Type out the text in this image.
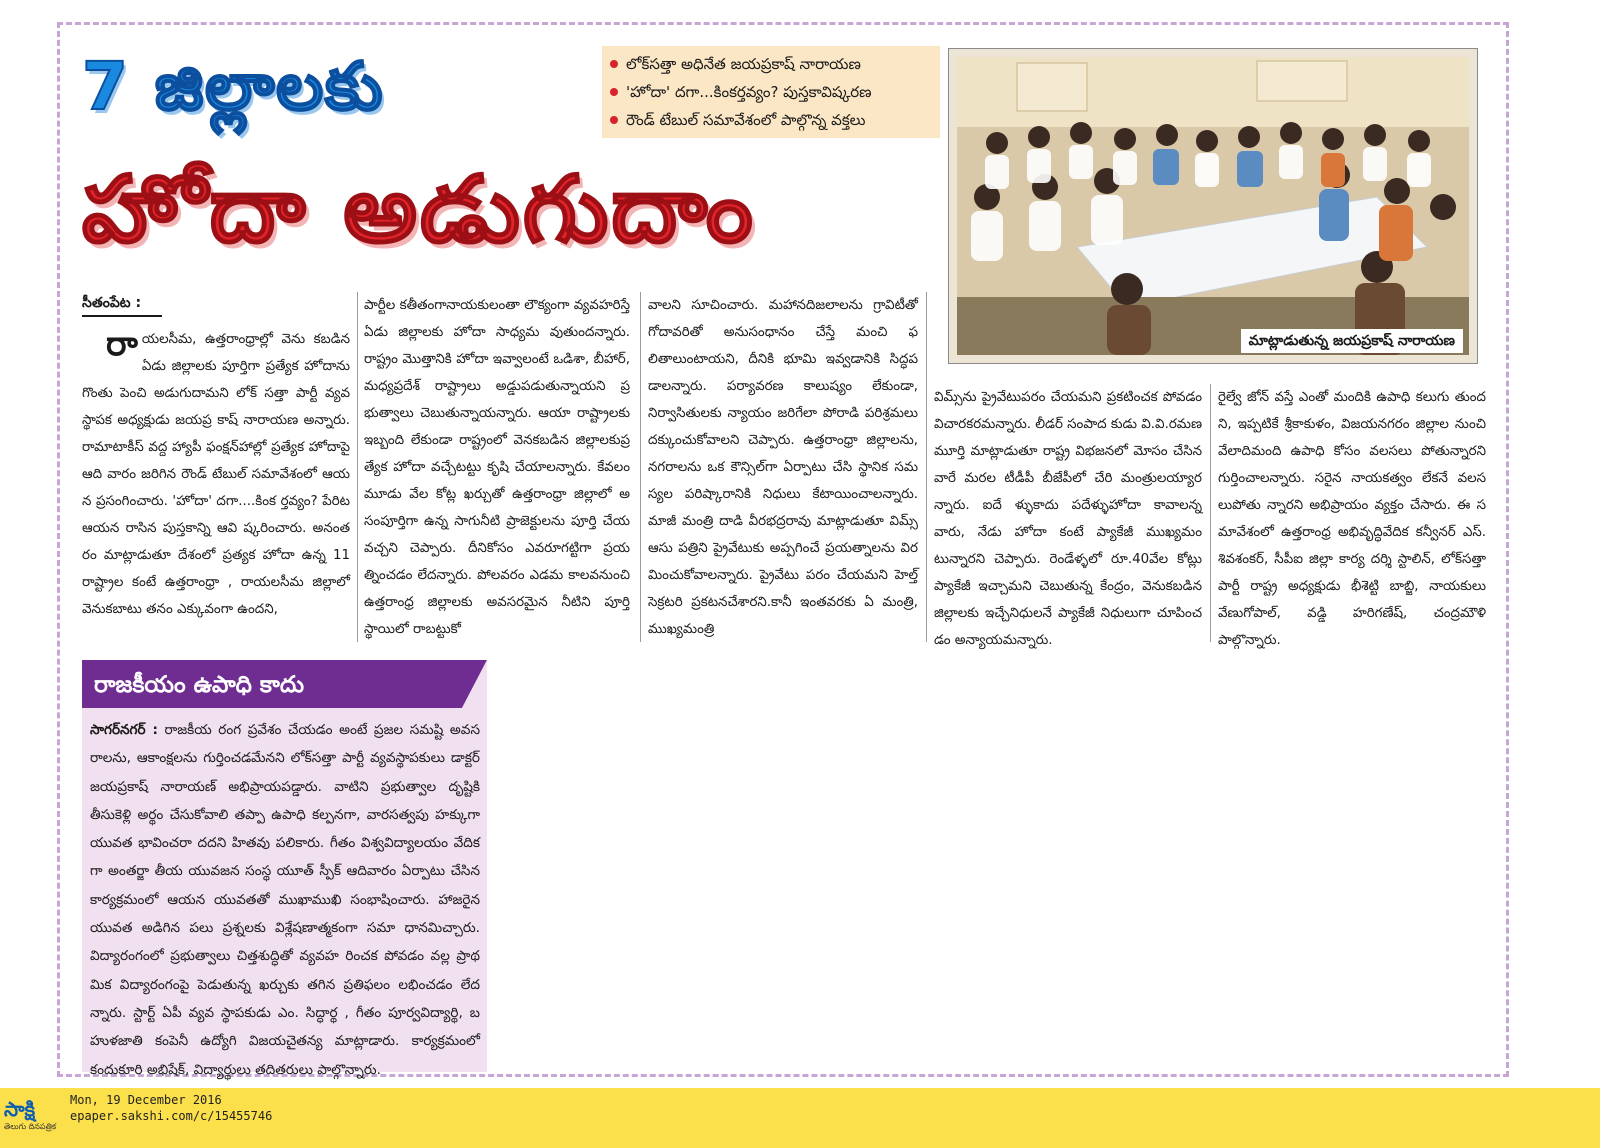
7 జిల్లాలకు
హోదా అడుగుదాం
లోక్‌సత్తా అధినేత జయప్రకాష్ నారాయణ
'హోదా' దగా...కింకర్తవ్యం? పుస్తకావిష్కరణ
రౌండ్ టేబుల్ సమావేశంలో పాల్గొన్న వక్తలు
మాట్లాడుతున్న జయప్రకాష్ నారాయణ
సీతంపేట :
రాయలసీమ, ఉత్తరాంధ్రాల్లో వెను కబడిన ఏడు జిల్లాలకు పూర్తిగా ప్రత్యేక హోదాను గొంతు పెంచి అడుగుదామని లోక్ సత్తా పార్టీ వ్యవస్థాపక అధ్యక్షుడు జయప్ర కాష్ నారాయణ అన్నారు. రామాటాకీస్ వద్ద హ్యాపీ ఫంక్షన్‌హాల్లో ప్రత్యేక హోదాపై ఆది వారం జరిగిన రౌండ్ టేబుల్ సమావేశంలో ఆయన ప్రసంగించారు. 'హోదా' దగా....కింక ర్తవ్యం? పేరిట ఆయన రాసిన పుస్తకాన్ని ఆవి ష్కరించారు. అనంతరం మాట్లాడుతూ దేశంలో ప్రత్యక హోదా ఉన్న 11 రాష్ట్రాల కంటే ఉత్తరాంధ్రా , రాయలసీమ జిల్లాలో వెనుకబాటు తనం ఎక్కువంగా ఉందని,
పార్టీల కతీతంగానాయకులంతా లౌక్యంగా వ్యవహరిస్తే ఏడు జిల్లాలకు హోదా సాధ్యమ వుతుందన్నారు. రాష్ట్రం మొత్తానికి హోదా ఇవ్వాలంటే ఒడిశా, బీహార్, మధ్యప్రదేశ్ రాష్ట్రాలు అడ్డుపడుతున్నాయని ప్రభుత్వాలు చెబుతున్నాయన్నారు. ఆయా రాష్ట్రాలకు ఇబ్బంది లేకుండా రాష్ట్రంలో వెనకబడిన జిల్లాలకుప్రత్యేక హోదా వచ్చేటట్టు కృషి చేయాలన్నారు. కేవలం మూడు వేల కోట్ల ఖర్చుతో ఉత్తరాంధ్రా జిల్లాలో అసంపూర్తిగా ఉన్న సాగునీటి ప్రాజెక్టులను పూర్తి చేయ వచ్చని చెప్పారు. దీనికోసం ఎవరూగట్టిగా ప్రయత్నించడం లేదన్నారు. పోలవరం ఎడమ కాలవనుంచి ఉత్తరాంధ్ర జిల్లాలకు అవసరమైన నీటిని పూర్తి స్థాయిలో రాబట్టుకో
వాలని సూచించారు. మహానదిజలాలను గ్రావిటీతో గోదావరితో అనుసంధానం చేస్తే మంచి ఫలితాలుంటాయని, దీనికి భూమి ఇవ్వడానికి సిద్ధపడాలన్నారు. పర్యావరణ కాలుష్యం లేకుండా, నిర్వాసితులకు న్యాయం జరిగేలా పోరాడి పరిశ్రమలు దక్కుంచుకోవాలని చెప్పారు. ఉత్తరాంధ్రా జిల్లాలను, నగరాలను ఒక కౌన్సిల్‌గా ఏర్పాటు చేసి స్థానిక సమస్యల పరిష్కారానికి నిధులు కేటాయించాలన్నారు. మాజీ మంత్రి దాడి వీరభద్రరావు మాట్లాడుతూ విమ్స్ ఆసు పత్రిని ప్రైవేటుకు అప్పగించే ప్రయత్నాలను విరమించుకోవాలన్నారు. ప్రైవేటు పరం చేయమని హెల్త్ సెక్రటరి ప్రకటనచేశారని.కానీ ఇంతవరకు ఏ మంత్రి, ముఖ్యమంత్రి
విమ్స్‌ను ప్రైవేటుపరం చేయమని ప్రకటించక పోవడం విచారకరమన్నారు. లీడర్ సంపాద కుడు వి.వి.రమణమూర్తి మాట్లాడుతూ రాష్ట్ర విభజనలో మోసం చేసిన వారే మరల టీడీపీ బీజేపీలో చేరి మంత్రులయ్యారన్నారు. ఐదే ళ్ళుకాదు పదేళ్ళుహోదా కావాలన్న వారు, నేడు హోదా కంటే ప్యాకేజీ ముఖ్యమం టున్నారని చెప్పారు. రెండేళ్ళలో రూ.40వేల కోట్లు ప్యాకేజీ ఇచ్చామని చెబుతున్న కేంద్రం, వెనుకబడిన జిల్లాలకు ఇచ్చేనిధులనే ప్యాకేజీ నిధులుగా చూపించడం అన్యాయమన్నారు.
రైల్వే జోన్ వస్తే ఎంతో మందికి ఉపాధి కలుగు తుందని, ఇప్పటికే శ్రీకాకుళం, విజయనగరం జిల్లాల నుంచి వేలాదిమంది ఉపాధి కోసం వలసలు పోతున్నారని గుర్తించాలన్నారు. సరైన నాయకత్వం లేకనే వలసలుపోతు న్నారని అభిప్రాయం వ్యక్తం చేసారు. ఈ సమావేశంలో ఉత్తరాంధ్ర అభివృద్ధివేదిక కన్వీనర్ ఎస్.శివశంకర్, సీపీఐ జిల్లా కార్య దర్శి స్టాలిన్, లోక్‌సత్తా పార్టీ రాష్ట్ర అధ్యక్షుడు భీశెట్టి బాబ్జి, నాయకులు వేణుగోపాల్, వడ్డి హరిగణేష్, చంద్రమౌళి పాల్గొన్నారు.
రాజకీయం ఉపాధి కాదు
సాగర్‌నగర్ : రాజకీయ రంగ ప్రవేశం చేయడం అంటే ప్రజల సమష్టి అవసరాలను, ఆకాంక్షలను గుర్తించడమేనని లోక్‌సత్తా పార్టీ వ్యవస్థాపకులు డాక్టర్ జయప్రకాష్ నారాయణ్ అభిప్రాయపడ్డారు. వాటిని ప్రభుత్వాల దృష్టికి తీసుకెళ్లి అర్థం చేసుకోవాలి తప్పా ఉపాధి కల్పనగా, వారసత్వపు హక్కుగా యువత భావించరా దదని హితవు పలికారు. గీతం విశ్వవిద్యాలయం వేదికగా అంతర్జా తీయ యువజన సంస్థ యూత్ స్పీక్ ఆదివారం ఏర్పాటు చేసిన కార్యక్రమంలో ఆయన యువతతో ముఖాముఖి సంభాషించారు. హాజరైన యువత అడిగిన పలు ప్రశ్నలకు విశ్లేషణాత్మకంగా సమా ధానమిచ్చారు. విద్యారంగంలో ప్రభుత్వాలు చిత్తశుద్ధితో వ్యవహ రించక పోవడం వల్ల ప్రాథమిక విద్యారంగంపై పెడుతున్న ఖర్చుకు తగిన ప్రతిఫలం లభించడం లేదన్నారు. స్టార్ట్ ఏపీ వ్యవ స్థాపకుడు ఎం. సిద్ధార్థ , గీతం పూర్వవిద్యార్థి, బహుళజాతి కంపెనీ ఉద్యోగి విజయచైతన్య మాట్లాడారు. కార్యక్రమంలో కందుకూరి అభిషేక్, విద్యార్థులు తదితరులు పాల్గొన్నారు.
సాక్షి
తెలుగు దినపత్రిక
Mon, 19 December 2016
epaper.sakshi.com/c/15455746
